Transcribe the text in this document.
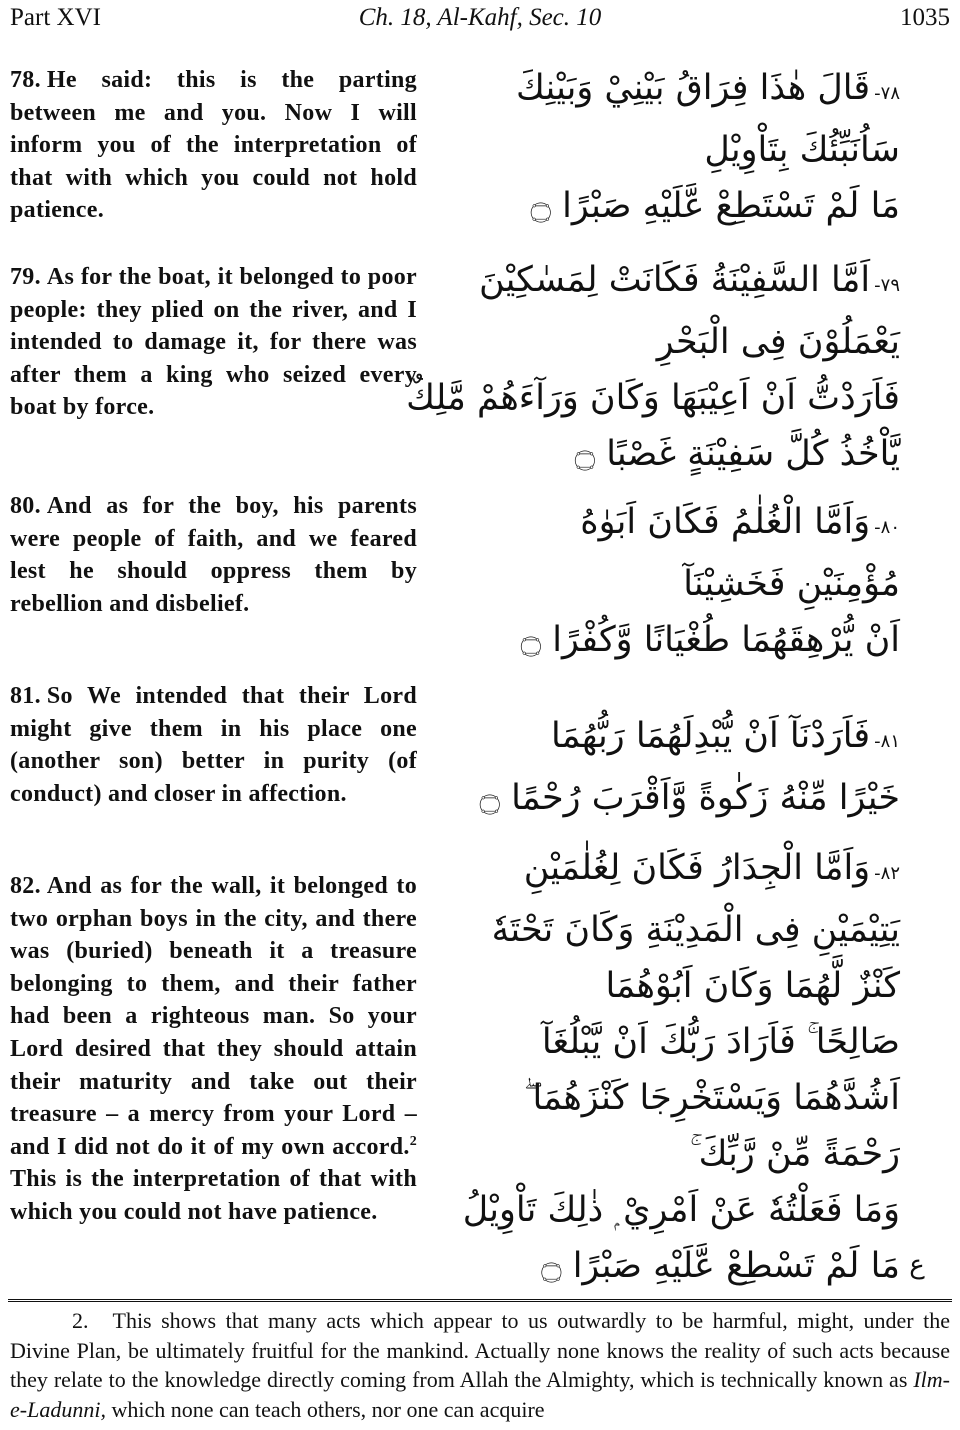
Part XVI	Ch. 18, Al-Kahf, Sec. 10	1035
78. He said: this is the parting between me and you. Now I will inform you of the interpretation of that with which you could not hold patience.
٧٨-قَالَ هٰذَا فِرَاقُ بَيْنِيْ وَبَيْنِكَ
سَاُنَبِّئُكَ بِتَاْوِيْلِ
مَا لَمْ تَسْتَطِعْ عَّلَيْهِ صَبْرًا ۝
79. As for the boat, it belonged to poor people: they plied on the river, and I intended to damage it, for there was after them a king who seized every boat by force.
٧٩-اَمَّا السَّفِيْنَةُ فَكَانَتْ لِمَسٰكِيْنَ
يَعْمَلُوْنَ فِى الْبَحْرِ
فَاَرَدْتُّ اَنْ اَعِيْبَهَا وَكَانَ وَرَآءَهُمْ مَّلِكٌ
يَّاْخُذُ كُلَّ سَفِيْنَةٍ غَصْبًا ۝
80. And as for the boy, his parents were people of faith, and we feared lest he should oppress them by rebellion and disbelief.
٨٠-وَاَمَّا الْغُلٰمُ فَكَانَ اَبَوٰهُ
مُؤْمِنَيْنِ فَخَشِيْنَآ
اَنْ يُّرْهِقَهُمَا طُغْيَانًا وَّكُفْرًا ۝
81. So We intended that their Lord might give them in his place one (another son) better in purity (of conduct) and closer in affection.
٨١-فَاَرَدْنَآ اَنْ يُّبْدِلَهُمَا رَبُّهُمَا
خَيْرًا مِّنْهُ زَكٰوةً وَّاَقْرَبَ رُحْمًا ۝
82. And as for the wall, it belonged to two orphan boys in the city, and there was (buried) beneath it a treasure belonging to them, and their father had been a righteous man. So your Lord desired that they should attain their maturity and take out their treasure – a mercy from your Lord – and I did not do it of my own accord.$^2$ This is the interpretation of that with which you could not have patience.
٨٢-وَاَمَّا الْجِدَارُ فَكَانَ لِغُلٰمَيْنِ
يَتِيْمَيْنِ فِى الْمَدِيْنَةِ وَكَانَ تَحْتَهٗ
كَنْزٌ لَّهُمَا وَكَانَ اَبُوْهُمَا
صَالِحًا ۚ فَاَرَادَ رَبُّكَ اَنْ يَّبْلُغَآ
اَشُدَّهُمَا وَيَسْتَخْرِجَا كَنْزَهُمَا ۖ
رَحْمَةً مِّنْ رَّبِّكَ ۚ
وَمَا فَعَلْتُهٗ عَنْ اَمْرِيْ ۭ ذٰلِكَ تَاْوِيْلُ
مَا لَمْ تَسْطِعْ عَّلَيْهِ صَبْرًا ۝ ع
2. This shows that many acts which appear to us outwardly to be harmful, might, under the Divine Plan, be ultimately fruitful for the mankind. Actually none knows the reality of such acts because they relate to the knowledge directly coming from Allah the Almighty, which is technically known as Ilm-e-Ladunni, which none can teach others, nor one can acquire
